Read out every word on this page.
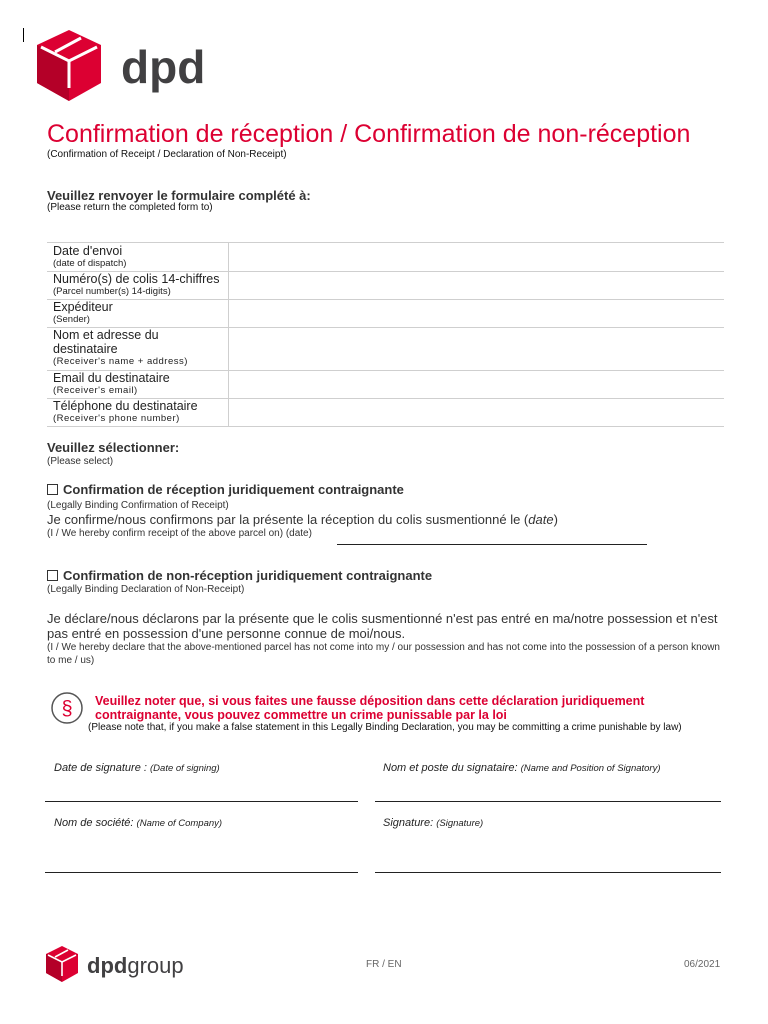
dpd
Confirmation de réception / Confirmation de non-réception
(Confirmation of Receipt / Declaration of Non-Receipt)
Veuillez renvoyer le formulaire complété à:
(Please return the completed form to)
Date d'envoi
(date of dispatch)	

Numéro(s) de colis 14-chiffres
(Parcel number(s) 14-digits)	

Expéditeur
(Sender)	

Nom et adresse du destinataire
(Receiver's name + address)	

Email du destinataire
(Receiver's email)	

Téléphone du destinataire
(Receiver's phone number)	

Veuillez sélectionner:
(Please select)
Confirmation de réception juridiquement contraignante
(Legally Binding Confirmation of Receipt)
Je confirme/nous confirmons par la présente la réception du colis susmentionné le (date)
(I / We hereby confirm receipt of the above parcel on) (date)
Confirmation de non-réception juridiquement contraignante
(Legally Binding Declaration of Non-Receipt)
Je déclare/nous déclarons par la présente que le colis susmentionné n'est pas entré en ma/notre possession et n'est pas entré en possession d'une personne connue de moi/nous.
(I / We hereby declare that the above-mentioned parcel has not come into my / our possession and has not come into the possession of a person known to me / us)
§ Veuillez noter que, si vous faites une fausse déposition dans cette déclaration juridiquement contraignante, vous pouvez commettre un crime punissable par la loi
(Please note that, if you make a false statement in this Legally Binding Declaration, you may be committing a crime punishable by law)
Date de signature : (Date of signing)	Nom et poste du signataire: (Name and Position of Signatory)
Nom de société: (Name of Company)	Signature: (Signature)
dpdgroup	FR / EN	06/2021
